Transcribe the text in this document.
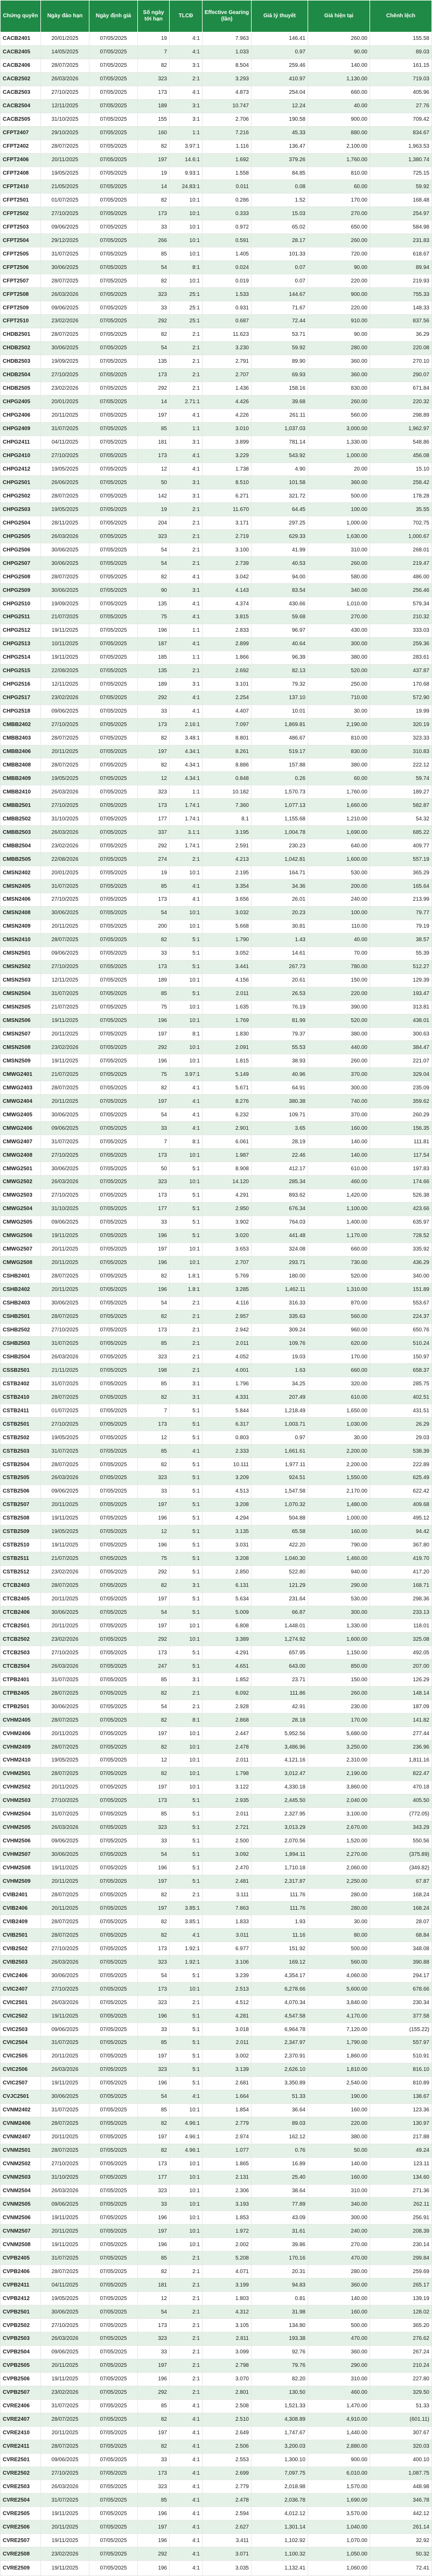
Chứng quyền	Ngày đáo hạn	Ngày định giá	Số ngày tới hạn	TLCĐ	Effective Gearing (lần)	Giá lý thuyết	Giá hiện tại	Chênh lệch
CACB2401	20/01/2025	07/05/2025	19	4:1	7.963	146.41	260.00	155.58
CACB2405	14/05/2025	07/05/2025	7	4:1	1.033	0.97	90.00	89.03
CACB2406	28/07/2025	07/05/2025	82	3:1	8.504	259.46	140.00	161.15
CACB2502	26/03/2026	07/05/2025	323	2:1	3.293	410.97	1,130.00	719.03
CACB2503	27/10/2025	07/05/2025	173	4:1	4.873	254.04	660.00	405.96
CACB2504	12/11/2025	07/05/2025	189	3:1	10.747	12.24	40.00	27.76
CACB2505	31/10/2025	07/05/2025	155	3:1	2.706	190.58	900.00	709.42
CFPT2407	29/10/2025	07/05/2025	160	1:1	7.216	45.33	880.00	834.67
CFPT2402	28/07/2025	07/05/2025	82	3.97:1	1.116	136.47	2,100.00	1,963.53
CFPT2406	20/11/2025	07/05/2025	197	14.6:1	1.692	379.26	1,760.00	1,380.74
CFPT2408	19/05/2025	07/05/2025	19	9.93:1	1.558	84.85	810.00	725.15
CFPT2410	21/05/2025	07/05/2025	14	24.83:1	0.011	0.08	60.00	59.92
CFPT2501	01/07/2025	07/05/2025	82	10:1	0.286	1.52	170.00	168.48
CFPT2502	27/10/2025	07/05/2025	173	10:1	0.333	15.03	270.00	254.97
CFPT2503	09/06/2025	07/05/2025	33	10:1	0.972	65.02	650.00	584.98
CFPT2504	29/12/2025	07/05/2025	266	10:1	0.591	28.17	260.00	231.83
CFPT2505	31/07/2025	07/05/2025	85	10:1	1.405	101.33	720.00	618.67
CFPT2506	30/06/2025	07/05/2025	54	8:1	0.024	0.07	90.00	89.94
CFPT2507	28/07/2025	07/05/2025	82	10:1	0.019	0.07	220.00	219.93
CFPT2508	26/03/2026	07/05/2025	323	25:1	1.533	144.67	900.00	755.33
CFPT2509	09/06/2025	07/05/2025	33	25:1	0.931	71.67	220.00	148.33
CFPT2510	23/02/2026	07/05/2025	292	25:1	0.687	72.44	910.00	837.56
CHDB2501	28/07/2025	07/05/2025	82	2:1	11.623	53.71	90.00	36.29
CHDB2502	30/06/2025	07/05/2025	54	2:1	3.230	59.92	280.00	220.08
CHDB2503	19/09/2025	07/05/2025	135	2:1	2.791	89.90	360.00	270.10
CHDB2504	27/10/2025	07/05/2025	173	2:1	2.707	69.93	360.00	290.07
CHDB2505	23/02/2026	07/05/2025	292	2:1	1.436	158.16	830.00	671.84
CHPG2405	20/01/2025	07/05/2025	14	2.71:1	4.426	39.68	260.00	220.32
CHPG2406	20/11/2025	07/05/2025	197	4:1	4.226	261.11	560.00	298.89
CHPG2409	31/07/2025	07/05/2025	85	1:1	3.010	1,037.03	3,000.00	1,962.97
CHPG2411	04/11/2025	07/05/2025	181	3:1	3.899	781.14	1,330.00	548.86
CHPG2410	27/10/2025	07/05/2025	173	4:1	3.229	543.92	1,000.00	456.08
CHPG2412	19/05/2025	07/05/2025	12	4:1	1.738	4.90	20.00	15.10
CHPG2501	26/06/2025	07/05/2025	50	3:1	8.510	101.58	360.00	258.42
CHPG2502	28/07/2025	07/05/2025	142	3:1	6.271	321.72	500.00	178.28
CHPG2503	19/05/2025	07/05/2025	19	2:1	11.670	64.45	100.00	35.55
CHPG2504	28/11/2025	07/05/2025	204	2:1	3.171	297.25	1,000.00	702.75
CHPG2505	26/03/2026	07/05/2025	323	2:1	2.719	629.33	1,630.00	1,000.67
CHPG2506	30/06/2025	07/05/2025	54	2:1	3.100	41.99	310.00	268.01
CHPG2507	30/06/2025	07/05/2025	54	2:1	2.739	40.53	260.00	219.47
CHPG2508	28/07/2025	07/05/2025	82	4:1	3.042	94.00	580.00	486.00
CHPG2509	30/06/2025	07/05/2025	90	3:1	4.143	83.54	340.00	256.46
CHPG2510	19/09/2025	07/05/2025	135	4:1	4.374	430.66	1,010.00	579.34
CHPG2511	21/07/2025	07/05/2025	75	4:1	3.815	59.68	270.00	210.32
CHPG2512	19/11/2025	07/05/2025	196	1:1	2.833	96.97	430.00	333.03
CHPG2513	10/11/2025	07/05/2025	187	4:1	2.899	40.64	300.00	259.36
CHPG2514	19/11/2025	07/05/2025	185	1:1	1.866	96.39	380.00	283.61
CHPG2515	22/08/2025	07/05/2025	135	2:1	2.692	82.13	520.00	437.87
CHPG2516	12/11/2025	07/05/2025	189	3:1	3.101	79.32	250.00	170.68
CHPG2517	23/02/2026	07/05/2025	292	4:1	2.254	137.10	710.00	572.90
CHPG2518	09/06/2025	07/05/2025	33	4:1	4.407	10.01	30.00	19.99
CMBB2402	27/10/2025	07/05/2025	173	2.16:1	7.097	1,869.81	2,190.00	320.19
CMBB2403	28/07/2025	07/05/2025	82	3.48:1	8.801	486.67	810.00	323.33
CMBB2406	20/11/2025	07/05/2025	197	4.34:1	8.261	519.17	830.00	310.83
CMBB2408	28/07/2025	07/05/2025	82	4.34:1	8.886	157.88	380.00	222.12
CMBB2409	19/05/2025	07/05/2025	12	4.34:1	0.848	0.26	60.00	59.74
CMBB2410	26/03/2026	07/05/2025	323	1:1	10.182	1,570.73	1,760.00	189.27
CMBB2501	27/10/2025	07/05/2025	173	1.74:1	7.360	1,077.13	1,660.00	582.87
CMBB2502	31/10/2025	07/05/2025	177	1.74:1	8.1	1,155.68	1,210.00	54.32
CMBB2503	26/03/2026	07/05/2025	337	3.1:1	3.195	1,004.78	1,690.00	685.22
CMBB2504	23/02/2026	07/05/2025	292	1.74:1	2.591	230.23	640.00	409.77
CMBB2505	22/08/2026	07/05/2025	274	2:1	4.213	1,042.81	1,600.00	557.19
CMSN2402	20/01/2025	07/05/2025	19	10:1	2.195	164.71	530.00	365.29
CMSN2405	31/07/2025	07/05/2025	85	4:1	3.354	34.36	200.00	165.64
CMSN2406	27/10/2025	07/05/2025	173	4:1	3.656	26.01	240.00	213.99
CMSN2408	30/06/2025	07/05/2025	54	10:1	3.032	20.23	100.00	79.77
CMSN2409	20/11/2025	07/05/2025	200	10:1	5.668	30.81	110.00	79.19
CMSN2410	28/07/2025	07/05/2025	82	5:1	1.790	1.43	40.00	38.57
CMSN2501	09/06/2025	07/05/2025	33	5:1	3.052	14.61	70.00	55.39
CMSN2502	27/10/2025	07/05/2025	173	5:1	3.441	267.73	780.00	512.27
CMSN2503	12/11/2025	07/05/2025	189	10:1	4.156	20.61	150.00	129.39
CMSN2504	31/07/2025	07/05/2025	85	5:1	2.011	26.53	220.00	193.47
CMSN2505	21/07/2025	07/05/2025	75	10:1	1.635	76.19	390.00	313.81
CMSN2506	19/11/2025	07/05/2025	196	10:1	1.769	81.99	520.00	438.01
CMSN2507	20/11/2025	07/05/2025	197	8:1	1.830	79.37	380.00	300.63
CMSN2508	23/02/2026	07/05/2025	292	10:1	2.091	55.53	440.00	384.47
CMSN2509	19/11/2025	07/05/2025	196	10:1	1.815	38.93	260.00	221.07
CMWG2401	21/07/2025	07/05/2025	75	3.97:1	5.149	40.96	370.00	329.04
CMWG2403	28/07/2025	07/05/2025	82	4:1	5.671	64.91	300.00	235.09
CMWG2404	20/11/2025	07/05/2025	197	4:1	8.276	380.38	740.00	359.62
CMWG2405	30/06/2025	07/05/2025	54	4:1	6.232	109.71	370.00	260.29
CMWG2406	09/06/2025	07/05/2025	33	4:1	2.901	3.65	160.00	156.35
CMWG2407	31/07/2025	07/05/2025	7	8:1	6.061	28.19	140.00	111.81
CMWG2408	27/10/2025	07/05/2025	173	10:1	1.987	22.46	140.00	117.54
CMWG2501	30/06/2025	07/05/2025	50	5:1	8.908	412.17	610.00	197.83
CMWG2502	26/03/2026	07/05/2025	323	10:1	14.120	285.34	460.00	174.66
CMWG2503	27/10/2025	07/05/2025	173	5:1	4.291	893.62	1,420.00	526.38
CMWG2504	31/10/2025	07/05/2025	177	5:1	2.950	676.34	1,100.00	423.66
CMWG2505	09/06/2025	07/05/2025	33	5:1	3.902	764.03	1,400.00	635.97
CMWG2506	19/11/2025	07/05/2025	196	5:1	3.020	441.48	1,170.00	728.52
CMWG2507	20/11/2025	07/05/2025	197	10:1	3.653	324.08	660.00	335.92
CMWG2508	20/11/2025	07/05/2025	196	10:1	2.707	293.71	730.00	436.29
CSHB2401	28/07/2025	07/05/2025	82	1.8:1	5.769	180.00	520.00	340.00
CSHB2402	20/11/2025	07/05/2025	196	1.8:1	3.285	1,462.11	1,310.00	151.89
CSHB2403	30/06/2025	07/05/2025	54	2:1	4.116	316.33	870.00	553.67
CSHB2501	28/07/2025	07/05/2025	82	2:1	2.957	335.63	560.00	224.37
CSHB2502	27/10/2025	07/05/2025	173	2:1	2.942	309.24	960.00	650.76
CSHB2503	31/07/2025	07/05/2025	85	2:1	2.011	109.76	620.00	510.24
CSHB2504	26/03/2026	07/05/2025	323	2:1	4.052	19.03	170.00	150.97
CSSB2501	21/11/2025	07/05/2025	198	2:1	4.001	1.63	660.00	658.37
CSTB2402	31/07/2025	07/05/2025	85	3:1	1.796	34.25	320.00	285.75
CSTB2410	28/07/2025	07/05/2025	82	3:1	4.331	207.49	610.00	402.51
CSTB2411	01/07/2025	07/05/2025	7	5:1	5.844	1,218.49	1,650.00	431.51
CSTB2501	27/10/2025	07/05/2025	173	5:1	6.317	1,003.71	1,030.00	26.29
CSTB2502	19/05/2025	07/05/2025	12	5:1	0.803	0.97	30.00	29.03
CSTB2503	31/07/2025	07/05/2025	85	4:1	2.333	1,661.61	2,200.00	538.39
CSTB2504	28/07/2025	07/05/2025	82	5:1	10.111	1,977.11	2,200.00	222.89
CSTB2505	26/03/2026	07/05/2025	323	5:1	3.209	924.51	1,550.00	625.49
CSTB2506	09/06/2025	07/05/2025	33	5:1	4.513	1,547.58	2,170.00	622.42
CSTB2507	20/11/2025	07/05/2025	197	5:1	3.208	1,070.32	1,480.00	409.68
CSTB2508	19/11/2025	07/05/2025	196	5:1	4.294	504.88	1,000.00	495.12
CSTB2509	19/05/2025	07/05/2025	12	5:1	3.135	65.58	160.00	94.42
CSTB2510	19/11/2025	07/05/2025	196	5:1	3.031	422.20	790.00	367.80
CSTB2511	21/07/2025	07/05/2025	75	5:1	3.208	1,040.30	1,460.00	419.70
CSTB2512	23/02/2026	07/05/2025	292	5:1	2.850	522.80	940.00	417.20
CTCB2403	28/07/2025	07/05/2025	82	3:1	6.131	121.29	290.00	168.71
CTCB2405	20/11/2025	07/05/2025	197	5:1	5.634	231.64	530.00	298.36
CTCB2406	30/06/2025	07/05/2025	54	5:1	5.009	66.87	300.00	233.13
CTCB2501	20/11/2025	07/05/2025	197	10:1	6.808	1,448.01	1,330.00	118.01
CTCB2502	23/02/2026	07/05/2025	292	10:1	3.389	1,274.92	1,600.00	325.08
CTCB2503	27/10/2025	07/05/2025	173	5:1	4.291	657.95	1,150.00	492.05
CTCB2504	26/03/2026	07/05/2025	247	5:1	4.651	643.00	850.00	207.00
CTPB2401	31/07/2025	07/05/2025	85	3:1	1.852	23.71	150.00	126.29
CTPB2405	28/07/2025	07/05/2025	82	2:1	6.092	111.86	260.00	148.14
CTPB2501	30/06/2025	07/05/2025	54	2:1	2.928	42.91	230.00	187.09
CVHM2405	28/07/2025	07/05/2025	82	8:1	2.868	28.18	170.00	141.82
CVHM2406	20/11/2025	07/05/2025	197	10:1	2.447	5,952.56	5,680.00	277.44
CVHM2409	28/07/2025	07/05/2025	82	10:1	2.478	3,486.96	3,250.00	236.96
CVHM2410	19/05/2025	07/05/2025	12	10:1	2.011	4,121.16	2,310.00	1,811.16
CVHM2501	28/07/2025	07/05/2025	82	10:1	1.798	3,012.47	2,190.00	822.47
CVHM2502	20/11/2025	07/05/2025	197	10:1	3.122	4,330.18	3,860.00	470.18
CVHM2503	27/10/2025	07/05/2025	173	5:1	2.935	2,445.50	2,040.00	405.50
CVHM2504	31/07/2025	07/05/2025	85	5:1	2.011	2,327.95	3,100.00	(772.05)
CVHM2505	26/03/2026	07/05/2025	323	5:1	2.721	3,013.29	2,670.00	343.29
CVHM2506	09/06/2025	07/05/2025	33	5:1	2.500	2,070.56	1,520.00	550.56
CVHM2507	30/06/2025	07/05/2025	54	5:1	3.092	1,894.11	2,270.00	(375.89)
CVHM2508	19/11/2025	07/05/2025	196	5:1	2.470	1,710.18	2,060.00	(349.82)
CVHM2509	20/11/2025	07/05/2025	197	5:1	2.481	2,317.87	2,250.00	67.87
CVIB2401	28/07/2025	07/05/2025	82	2:1	3.111	111.76	280.00	168.24
CVIB2406	20/11/2025	07/05/2025	197	3.85:1	7.863	111.76	280.00	168.24
CVIB2409	28/07/2025	07/05/2025	82	3.85:1	1.833	1.93	30.00	28.07
CVIB2501	28/07/2025	07/05/2025	82	4:1	3.011	11.16	80.00	68.84
CVIB2502	27/10/2025	07/05/2025	173	1.92:1	6.977	151.92	500.00	348.08
CVIB2503	26/03/2026	07/05/2025	323	1.92:1	3.106	169.12	560.00	390.88
CVIC2406	30/06/2025	07/05/2025	54	5:1	3.239	4,354.17	4,060.00	294.17
CVIC2407	27/10/2025	07/05/2025	173	10:1	2.513	6,278.66	5,600.00	678.66
CVIC2501	26/03/2026	07/05/2025	323	2:1	4.512	4,070.34	3,840.00	230.34
CVIC2502	19/11/2025	07/05/2025	196	5:1	4.281	4,547.58	4,170.00	377.58
CVIC2503	09/06/2025	07/05/2025	33	5:1	3.018	6,964.78	7,120.00	(155.22)
CVIC2504	31/07/2025	07/05/2025	85	5:1	2.011	2,347.97	1,790.00	557.97
CVIC2505	20/11/2025	07/05/2025	197	5:1	3.002	2,370.91	1,860.00	510.91
CVIC2506	26/03/2026	07/05/2025	323	5:1	3.139	2,626.10	1,810.00	816.10
CVIC2507	19/11/2025	07/05/2025	196	5:1	2.681	3,350.89	2,540.00	810.89
CVJC2501	30/06/2025	07/05/2025	54	4:1	1.664	51.33	190.00	138.67
CVNM2402	31/07/2025	07/05/2025	85	10:1	1.854	36.64	160.00	123.36
CVNM2406	28/07/2025	07/05/2025	82	4.96:1	2.779	89.03	220.00	130.97
CVNM2407	20/11/2025	07/05/2025	197	4.96:1	2.974	162.12	380.00	217.88
CVNM2501	28/07/2025	07/05/2025	82	4.96:1	1.077	0.76	50.00	49.24
CVNM2502	27/10/2025	07/05/2025	173	10:1	1.865	16.89	140.00	123.11
CVNM2503	31/10/2025	07/05/2025	177	10:1	2.131	25.40	160.00	134.60
CVNM2504	26/03/2026	07/05/2025	323	10:1	2.306	38.64	310.00	271.36
CVNM2505	09/06/2025	07/05/2025	33	10:1	3.193	77.89	340.00	262.11
CVNM2506	19/11/2025	07/05/2025	196	10:1	1.853	43.09	300.00	256.91
CVNM2507	20/11/2025	07/05/2025	197	10:1	1.972	31.61	240.00	208.39
CVNM2508	19/11/2025	07/05/2025	196	10:1	2.002	39.86	270.00	230.14
CVPB2405	31/07/2025	07/05/2025	85	2:1	5.208	170.16	470.00	299.84
CVPB2406	28/07/2025	07/05/2025	82	2:1	4.071	20.31	280.00	259.69
CVPB2411	04/11/2025	07/05/2025	181	2:1	3.199	94.83	360.00	265.17
CVPB2412	19/05/2025	07/05/2025	12	2:1	1.803	0.81	140.00	139.19
CVPB2501	30/06/2025	07/05/2025	54	2:1	4.312	31.98	160.00	128.02
CVPB2502	27/10/2025	07/05/2025	173	2:1	3.105	134.80	500.00	365.20
CVPB2503	26/03/2026	07/05/2025	323	2:1	2.811	193.38	470.00	276.62
CVPB2504	09/06/2025	07/05/2025	33	2:1	3.099	92.76	360.00	267.24
CVPB2505	20/11/2025	07/05/2025	197	2:1	2.798	79.76	290.00	210.24
CVPB2506	19/11/2025	07/05/2025	196	2:1	3.070	82.20	310.00	227.80
CVPB2507	23/02/2026	07/05/2025	292	2:1	2.801	130.50	460.00	329.50
CVRE2406	31/07/2025	07/05/2025	85	4:1	2.508	1,521.33	1,470.00	51.33
CVRE2407	28/07/2025	07/05/2025	82	4:1	2.510	4,308.89	4,910.00	(601.11)
CVRE2410	20/11/2025	07/05/2025	197	4:1	2.649	1,747.67	1,440.00	307.67
CVRE2411	28/07/2025	07/05/2025	82	4:1	2.506	3,200.03	2,880.00	320.03
CVRE2501	09/06/2025	07/05/2025	33	4:1	2.553	1,300.10	900.00	400.10
CVRE2502	27/10/2025	07/05/2025	173	4:1	2.699	7,097.75	6,010.00	1,087.75
CVRE2503	26/03/2026	07/05/2025	323	4:1	2.779	2,018.98	1,570.00	448.98
CVRE2504	31/07/2025	07/05/2025	85	4:1	2.478	2,036.78	1,690.00	346.78
CVRE2505	19/11/2025	07/05/2025	196	4:1	2.594	4,012.12	3,570.00	442.12
CVRE2506	20/11/2025	07/05/2025	197	4:1	2.627	1,301.14	1,040.00	261.14
CVRE2507	19/11/2025	07/05/2025	196	4:1	3.411	1,102.92	1,070.00	32.92
CVRE2508	23/02/2026	07/05/2025	292	4:1	3.071	1,100.32	1,050.00	50.32
CVRE2509	19/11/2025	07/05/2025	196	4:1	3.035	1,132.41	1,060.00	72.41
